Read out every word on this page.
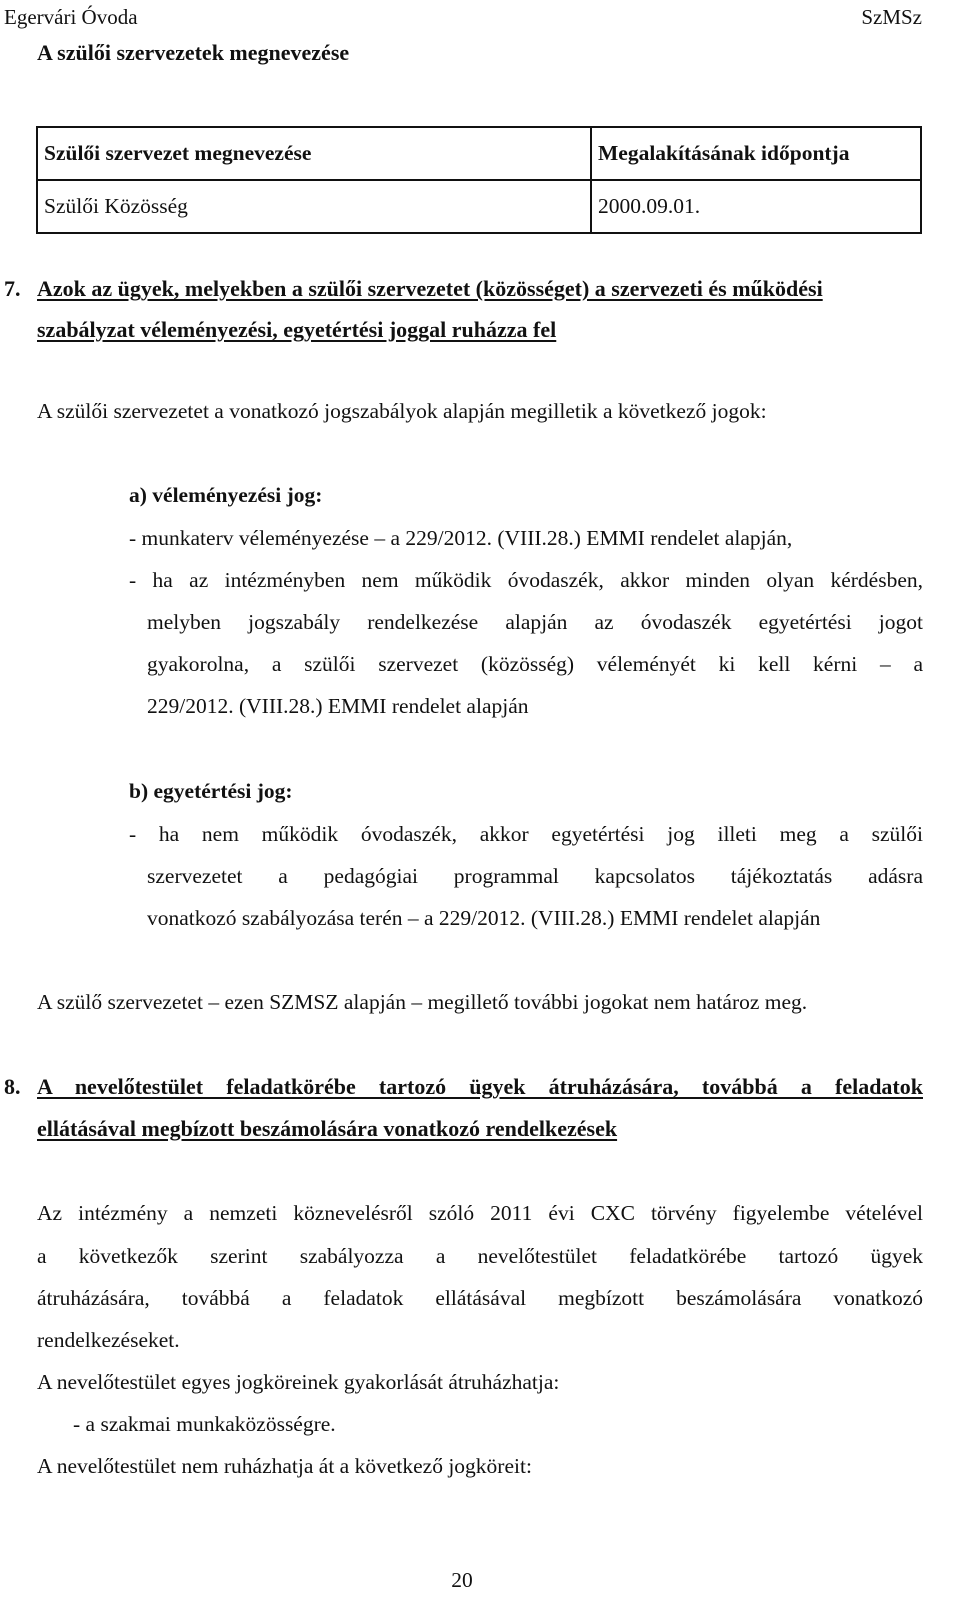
Egervári Óvoda	SzMSz
A szülői szervezetek megnevezése
Szülői szervezet megnevezése	Megalakításának időpontja
Szülői Közösség	2000.09.01.
7. Azok az ügyek, melyekben a szülői szervezetet (közösséget) a szervezeti és működési
szabályzat véleményezési, egyetértési joggal ruházza fel
A szülői szervezetet a vonatkozó jogszabályok alapján megilletik a következő jogok:
a) véleményezési jog:
- munkaterv véleményezése – a 229/2012. (VIII.28.) EMMI rendelet alapján,
- ha az intézményben nem működik óvodaszék, akkor minden olyan kérdésben,
melyben jogszabály rendelkezése alapján az óvodaszék egyetértési jogot
gyakorolna, a szülői szervezet (közösség) véleményét ki kell kérni – a
229/2012. (VIII.28.) EMMI rendelet alapján
b) egyetértési jog:
- ha nem működik óvodaszék, akkor egyetértési jog illeti meg a szülői
szervezetet a pedagógiai programmal kapcsolatos tájékoztatás adásra
vonatkozó szabályozása terén – a 229/2012. (VIII.28.) EMMI rendelet alapján
A szülő szervezetet – ezen SZMSZ alapján – megillető további jogokat nem határoz meg.
8. A nevelőtestület feladatkörébe tartozó ügyek átruházására, továbbá a feladatok
ellátásával megbízott beszámolására vonatkozó rendelkezések
Az intézmény a nemzeti köznevelésről szóló 2011 évi CXC törvény figyelembe vételével
a következők szerint szabályozza a nevelőtestület feladatkörébe tartozó ügyek
átruházására, továbbá a feladatok ellátásával megbízott beszámolására vonatkozó
rendelkezéseket.
A nevelőtestület egyes jogköreinek gyakorlását átruházhatja:
- a szakmai munkaközösségre.
A nevelőtestület nem ruházhatja át a következő jogköreit:
20
